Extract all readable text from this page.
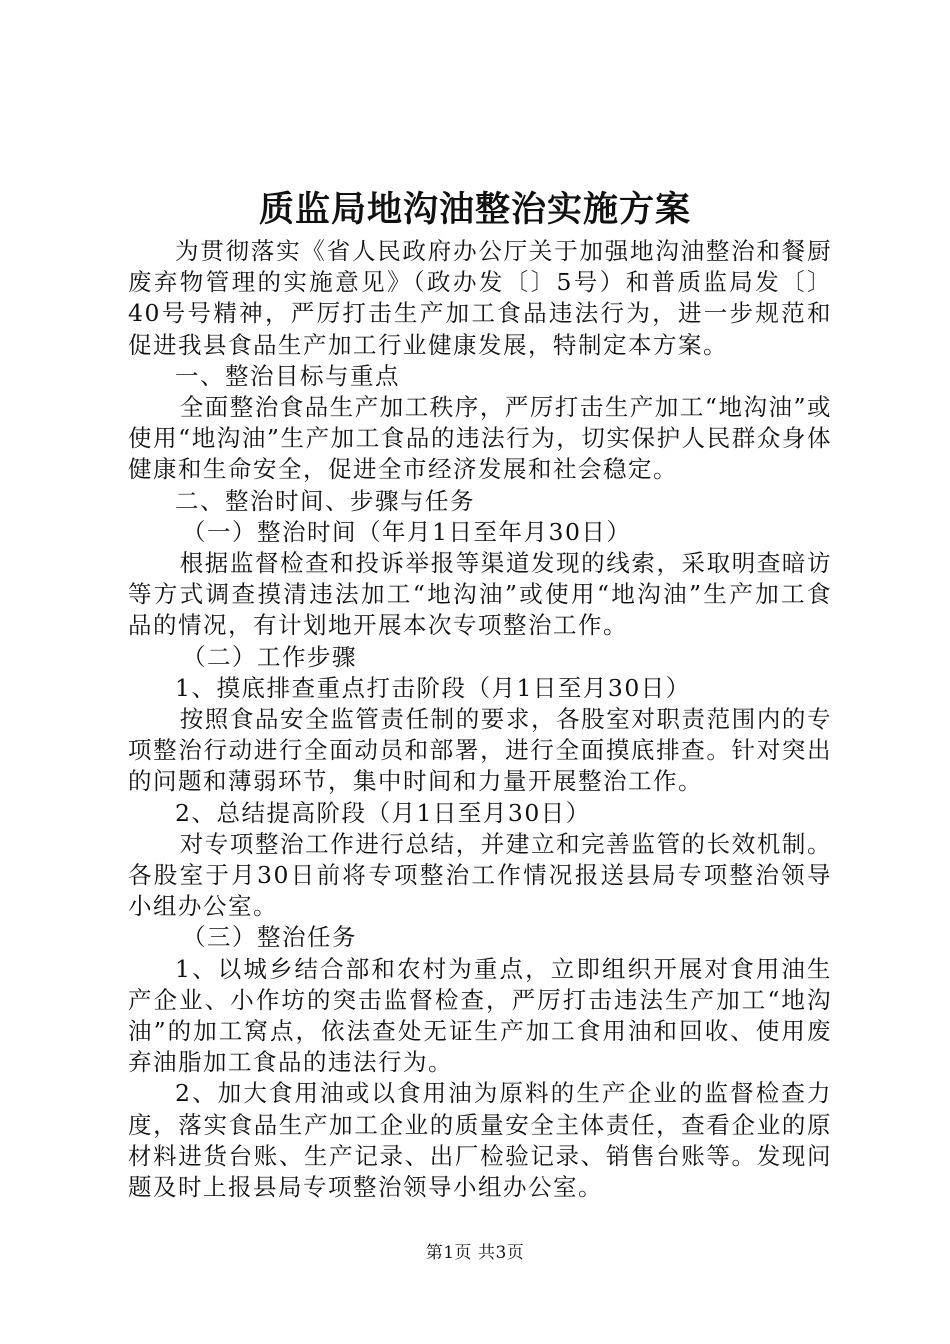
质监局地沟油整治实施方案

为贯彻落实《省人民政府办公厅关于加强地沟油整治和餐厨废弃物管理的实施意见》（政办发〔〕5号）和普质监局发〔〕40号号精神，严厉打击生产加工食品违法行为，进一步规范和促进我县食品生产加工行业健康发展，特制定本方案。

一、整治目标与重点

全面整治食品生产加工秩序，严厉打击生产加工“地沟油”或使用“地沟油”生产加工食品的违法行为，切实保护人民群众身体健康和生命安全，促进全市经济发展和社会稳定。

二、整治时间、步骤与任务

（一）整治时间（年月1日至年月30日）

根据监督检查和投诉举报等渠道发现的线索，采取明查暗访等方式调查摸清违法加工“地沟油”或使用“地沟油”生产加工食品的情况，有计划地开展本次专项整治工作。

（二）工作步骤

1、摸底排查重点打击阶段（月1日至月30日）

按照食品安全监管责任制的要求，各股室对职责范围内的专项整治行动进行全面动员和部署，进行全面摸底排查。针对突出的问题和薄弱环节，集中时间和力量开展整治工作。

2、总结提高阶段（月1日至月30日）

对专项整治工作进行总结，并建立和完善监管的长效机制。各股室于月30日前将专项整治工作情况报送县局专项整治领导小组办公室。

（三）整治任务

1、以城乡结合部和农村为重点，立即组织开展对食用油生产企业、小作坊的突击监督检查，严厉打击违法生产加工“地沟油”的加工窝点，依法查处无证生产加工食用油和回收、使用废弃油脂加工食品的违法行为。

2、加大食用油或以食用油为原料的生产企业的监督检查力度，落实食品生产加工企业的质量安全主体责任，查看企业的原材料进货台账、生产记录、出厂检验记录、销售台账等。发现问题及时上报县局专项整治领导小组办公室。

第1页 共3页
